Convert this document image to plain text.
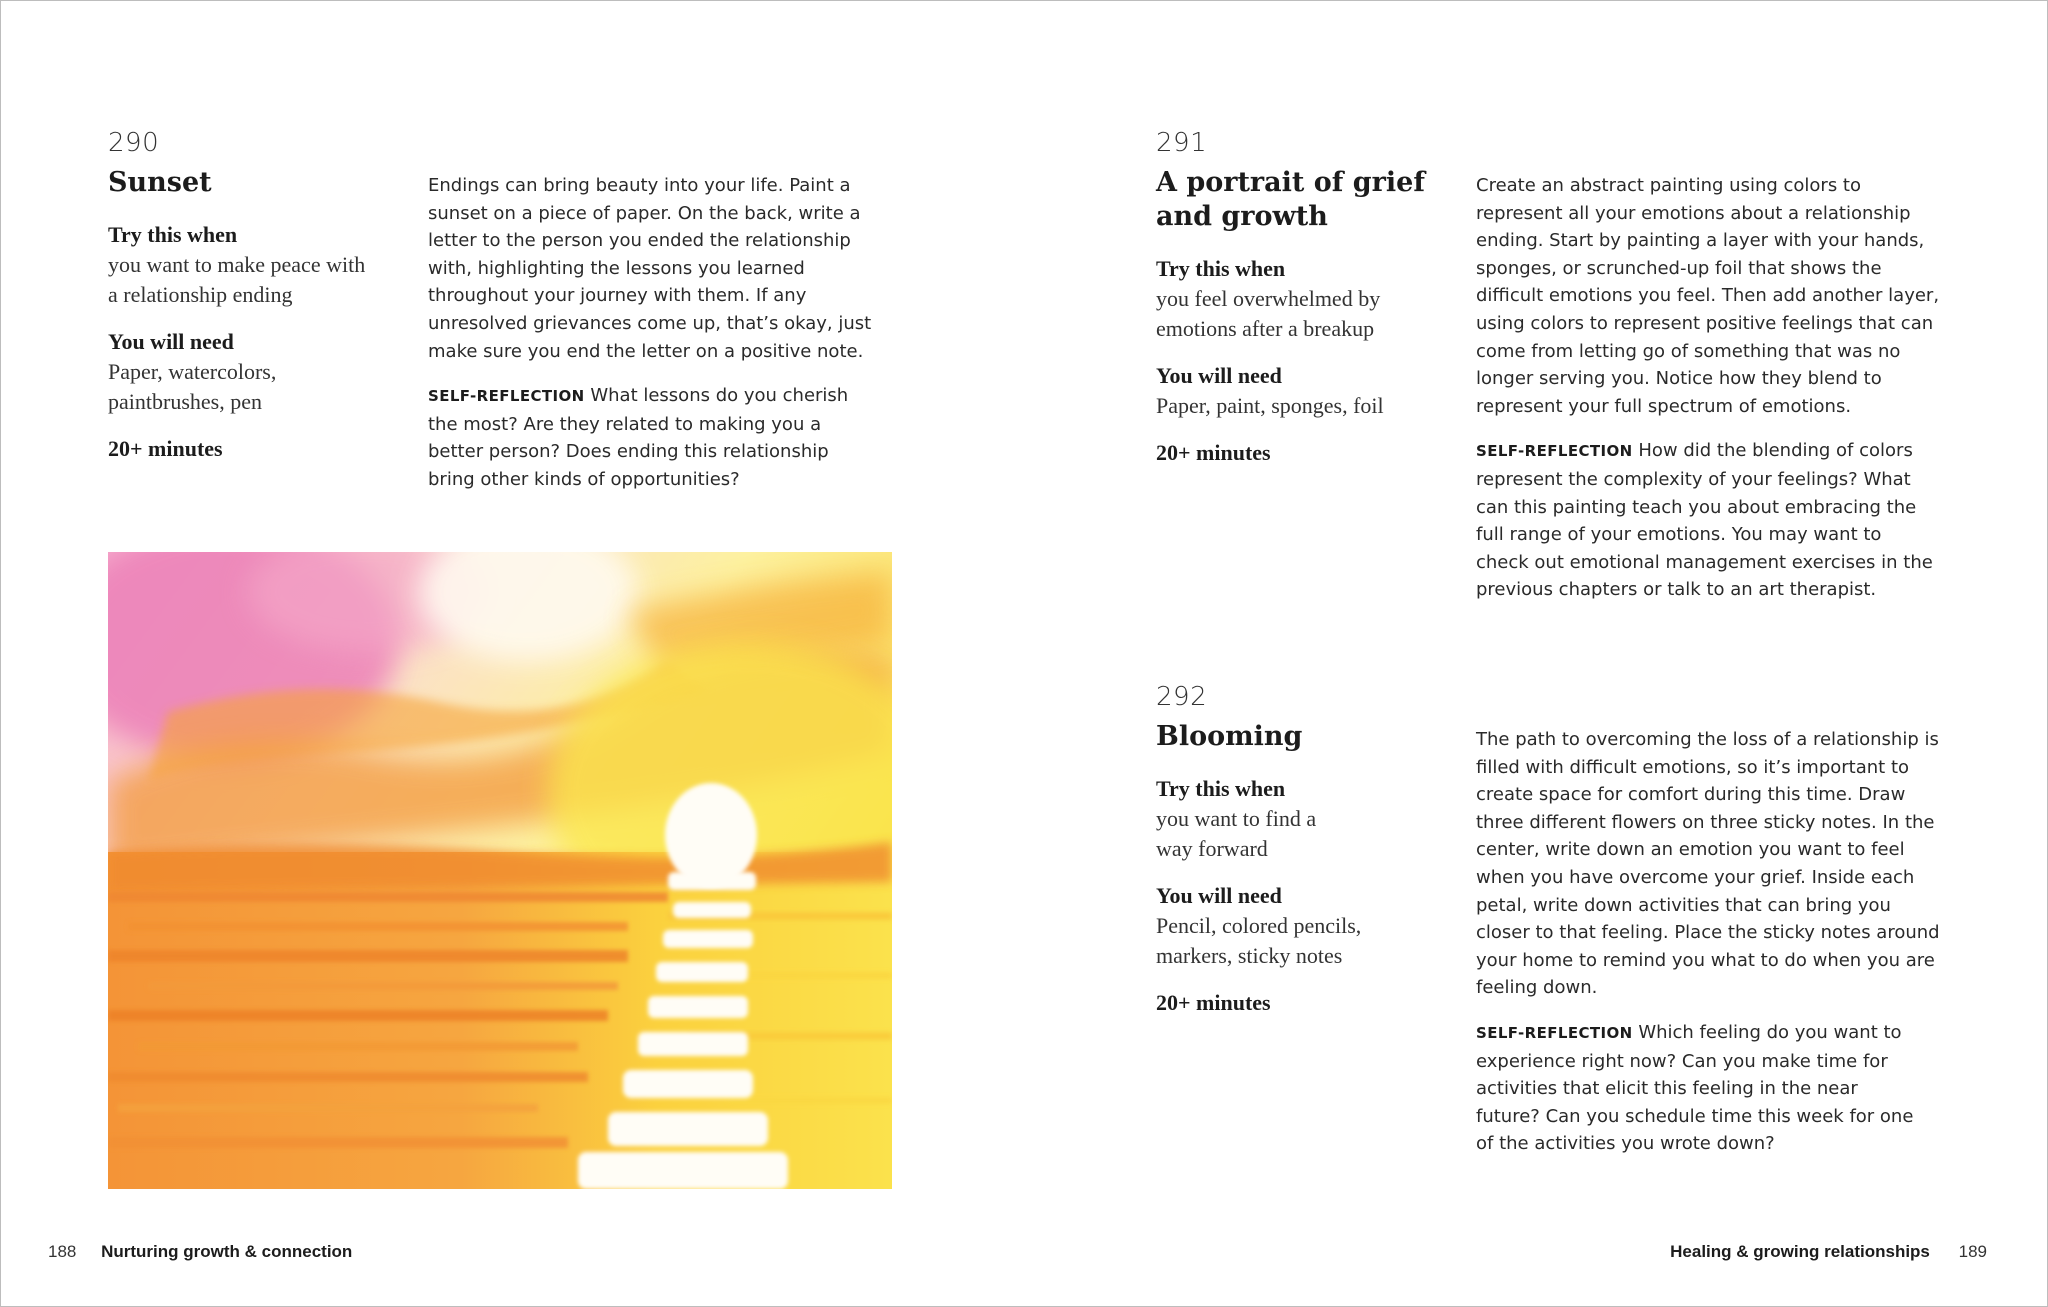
290
Sunset
Try this when
you want to make peace with a relationship ending
You will need
Paper, watercolors, paintbrushes, pen
20+ minutes

Endings can bring beauty into your life. Paint a sunset on a piece of paper. On the back, write a letter to the person you ended the relationship with, highlighting the lessons you learned throughout your journey with them. If any unresolved grievances come up, that’s okay, just make sure you end the letter on a positive note.

SELF-REFLECTION What lessons do you cherish the most? Are they related to making you a better person? Does ending this relationship bring other kinds of opportunities?

291
A portrait of grief and growth
Try this when
you feel overwhelmed by emotions after a breakup
You will need
Paper, paint, sponges, foil
20+ minutes

Create an abstract painting using colors to represent all your emotions about a relationship ending. Start by painting a layer with your hands, sponges, or scrunched-up foil that shows the difficult emotions you feel. Then add another layer, using colors to represent positive feelings that can come from letting go of something that was no longer serving you. Notice how they blend to represent your full spectrum of emotions.

SELF-REFLECTION How did the blending of colors represent the complexity of your feelings? What can this painting teach you about embracing the full range of your emotions. You may want to check out emotional management exercises in the previous chapters or talk to an art therapist.

292
Blooming
Try this when
you want to find a way forward
You will need
Pencil, colored pencils, markers, sticky notes
20+ minutes

The path to overcoming the loss of a relationship is filled with difficult emotions, so it’s important to create space for comfort during this time. Draw three different flowers on three sticky notes. In the center, write down an emotion you want to feel when you have overcome your grief. Inside each petal, write down activities that can bring you closer to that feeling. Place the sticky notes around your home to remind you what to do when you are feeling down.

SELF-REFLECTION Which feeling do you want to experience right now? Can you make time for activities that elicit this feeling in the near future? Can you schedule time this week for one of the activities you wrote down?

188 Nurturing growth & connection	Healing & growing relationships 189
